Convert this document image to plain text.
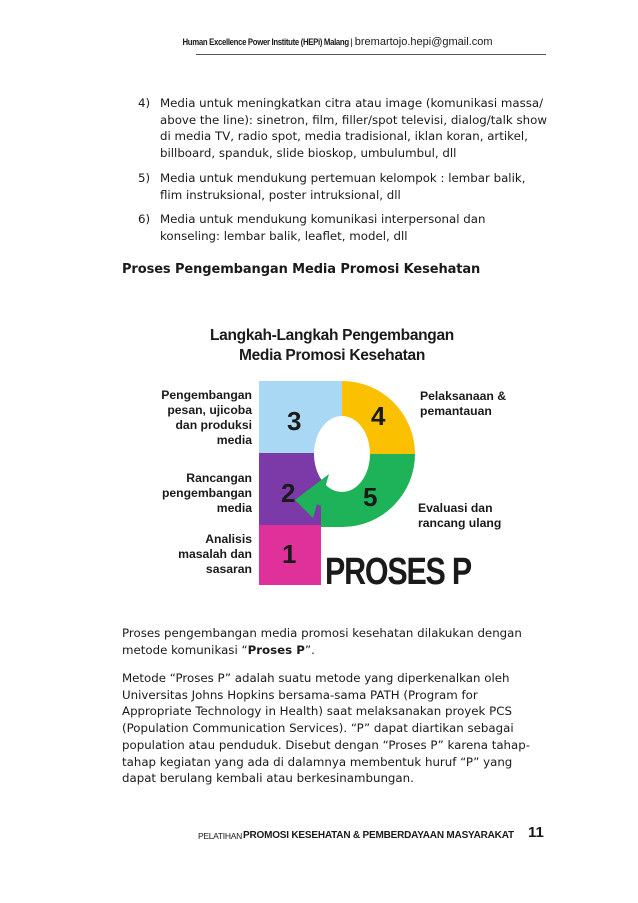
Human Excellence Power Institute (HEPi) Malang | bremartojo.hepi@gmail.com
4) Media untuk meningkatkan citra atau image (komunikasi massa/ above the line): sinetron, film, filler/spot televisi, dialog/talk show di media TV, radio spot, media tradisional, iklan koran, artikel, billboard, spanduk, slide bioskop, umbulumbul, dll
5) Media untuk mendukung pertemuan kelompok : lembar balik, flim instruksional, poster intruksional, dll
6) Media untuk mendukung komunikasi interpersonal dan konseling: lembar balik, leaflet, model, dll
Proses Pengembangan Media Promosi Kesehatan
Langkah-Langkah Pengembangan
Media Promosi Kesehatan
3
2
1
4
5
Pengembangan
pesan, ujicoba
dan produksi
media
Rancangan
pengembangan
media
Analisis
masalah dan
sasaran
Pelaksanaan &
pemantauan
Evaluasi dan
rancang ulang
PROSES P

Proses pengembangan media promosi kesehatan dilakukan dengan metode komunikasi “Proses P”.

Metode “Proses P” adalah suatu metode yang diperkenalkan oleh Universitas Johns Hopkins bersama-sama PATH (Program for Appropriate Technology in Health) saat melaksanakan proyek PCS (Population Communication Services). “P” dapat diartikan sebagai population atau penduduk. Disebut dengan “Proses P” karena tahap-tahap kegiatan yang ada di dalamnya membentuk huruf “P” yang dapat berulang kembali atau berkesinambungan.

PELATIHAN PROMOSI KESEHATAN & PEMBERDAYAAN MASYARAKAT 11
